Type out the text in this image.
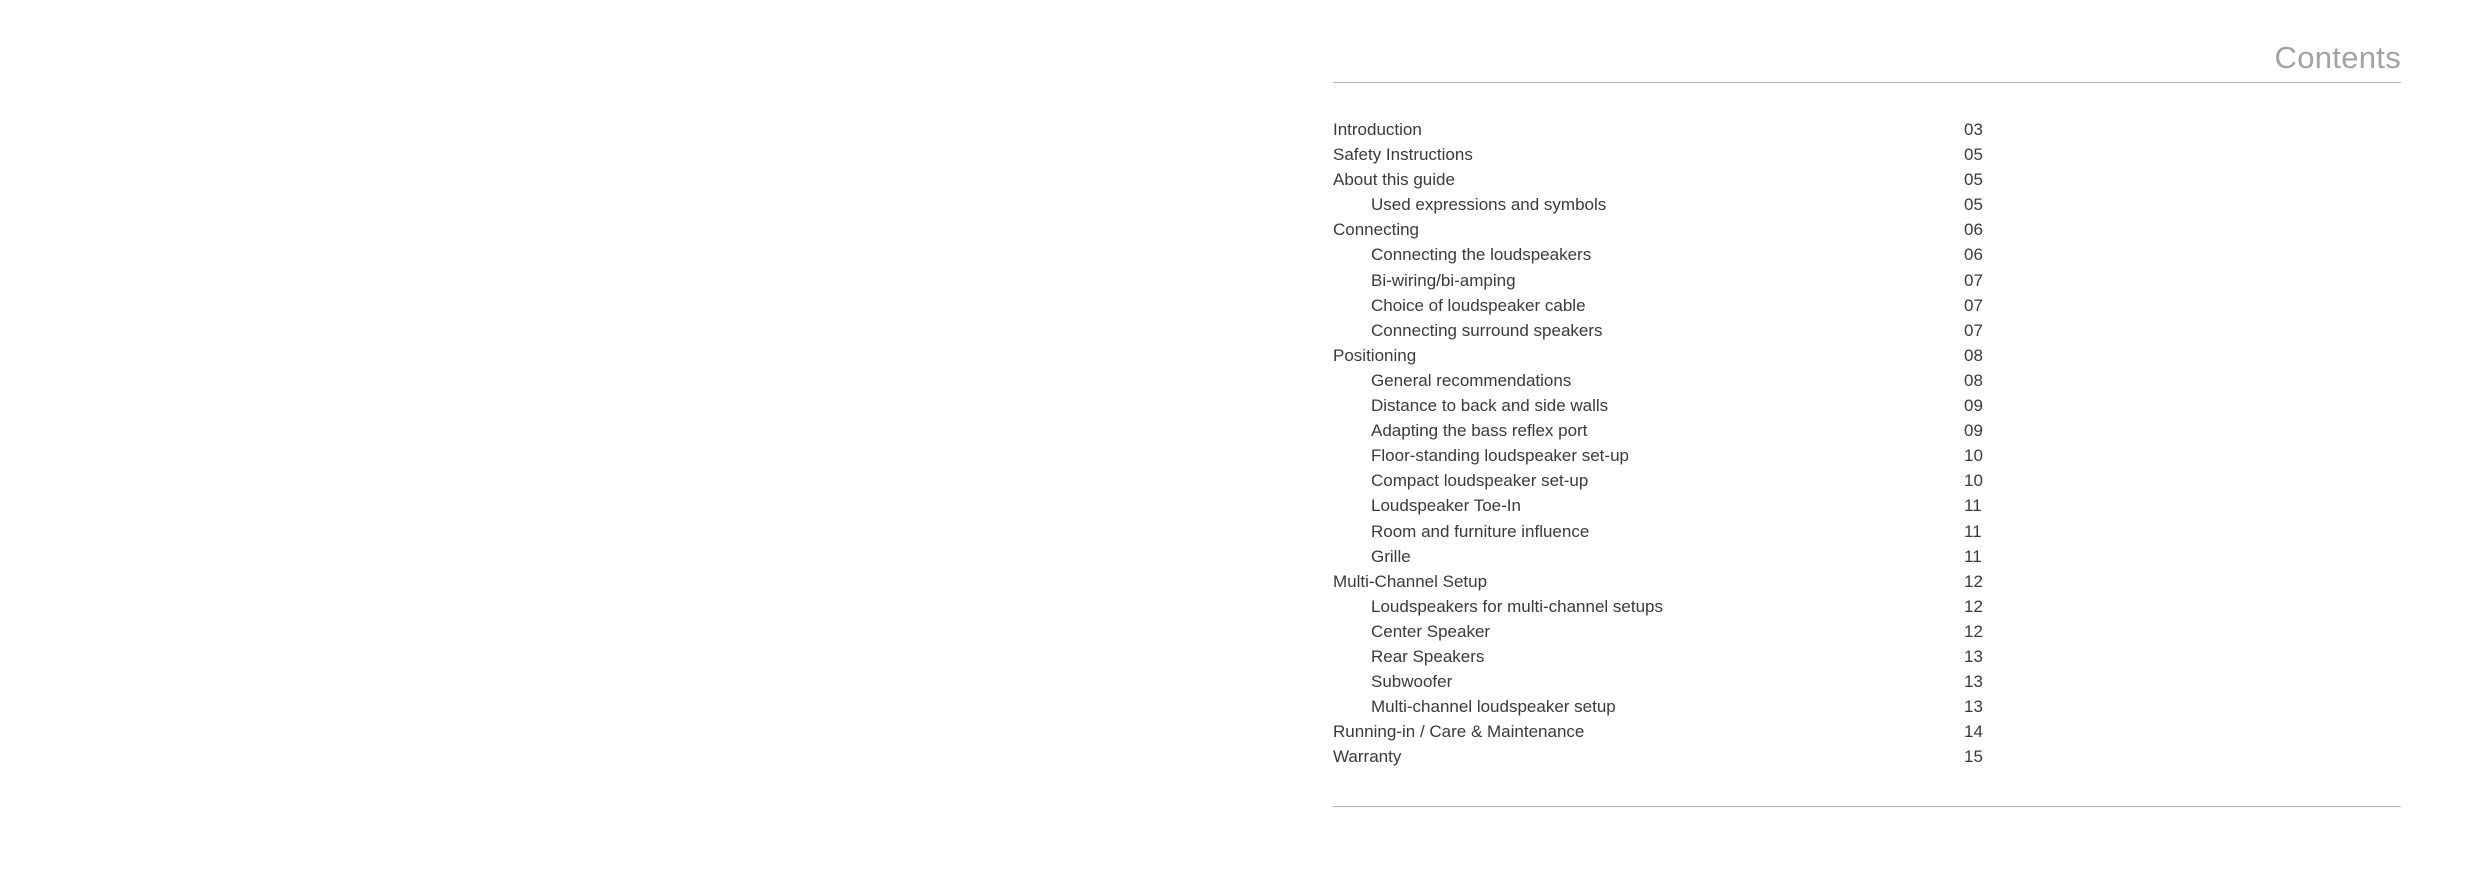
Contents
Introduction	03
Safety Instructions	05
About this guide	05
Used expressions and symbols	05
Connecting	06
Connecting the loudspeakers	06
Bi-wiring/bi-amping	07
Choice of loudspeaker cable	07
Connecting surround speakers	07
Positioning	08
General recommendations	08
Distance to back and side walls	09
Adapting the bass reflex port	09
Floor-standing loudspeaker set-up	10
Compact loudspeaker set-up	10
Loudspeaker Toe-In	11
Room and furniture influence	11
Grille	11
Multi-Channel Setup	12
Loudspeakers for multi-channel setups	12
Center Speaker	12
Rear Speakers	13
Subwoofer	13
Multi-channel loudspeaker setup	13
Running-in / Care & Maintenance	14
Warranty	15
